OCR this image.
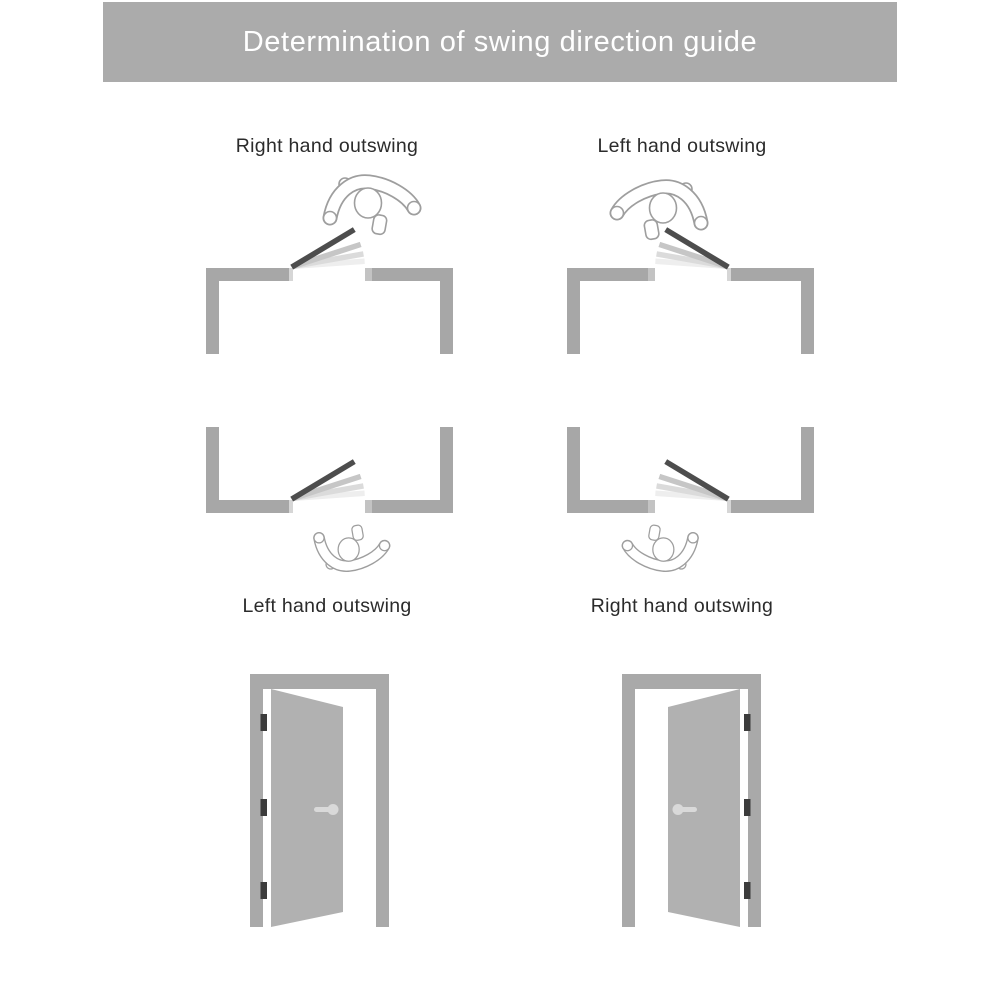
Determination of swing direction guide
Right hand outswing	Left hand outswing
Left hand outswing	Right hand outswing
